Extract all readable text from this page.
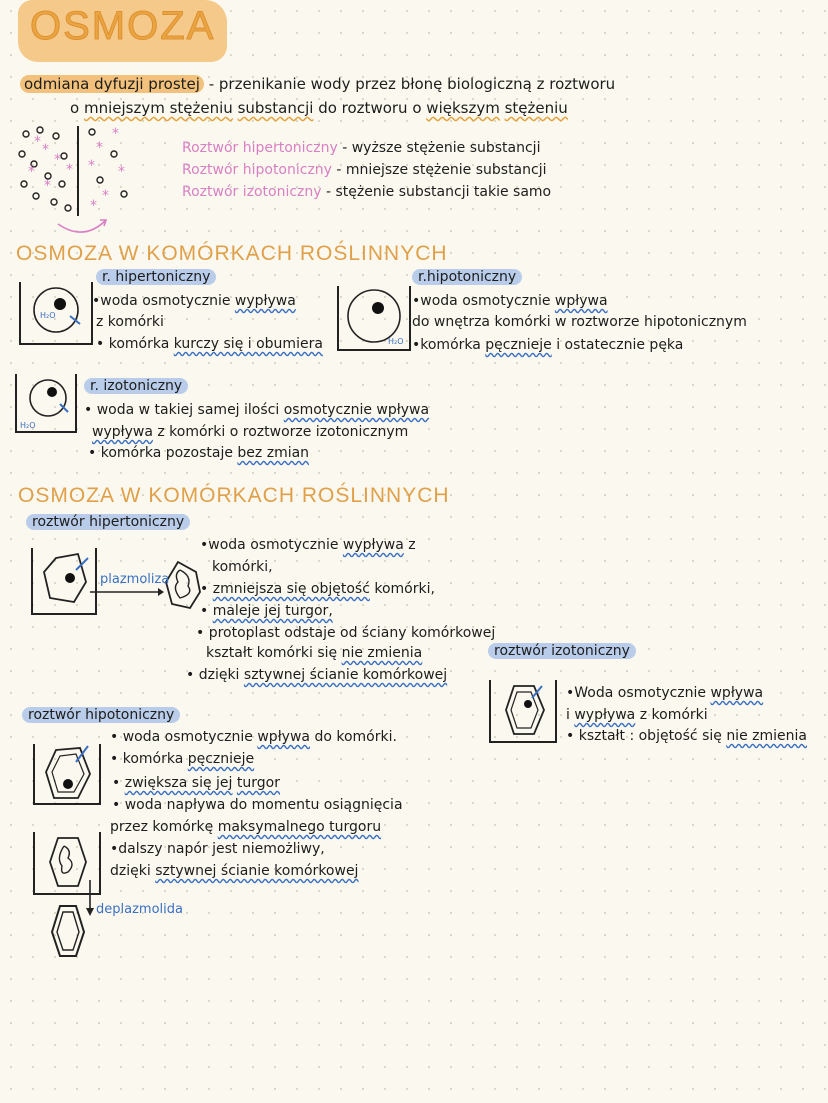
OSMOZA
odmiana dyfuzji prostej - przenikanie wody przez błonę biologiczną z roztworu
o mniejszym stężeniu substancji do roztworu o większym stężeniu
*
*
*
*
*
*	*
*
* *
*
*
Roztwór hipertoniczny - wyższe stężenie substancji
Roztwór hipotoniczny - mniejsze stężenie substancji
Roztwór izotoniczny - stężenie substancji takie samo
OSMOZA W KOMÓRKACH ROŚLINNYCH
H₂O
r. hipertoniczny
•woda osmotycznie wypływa
z komórki
• komórka kurczy się i obumiera	H₂O
r.hipotoniczny
•woda osmotycznie wpływa
do wnętrza komórki w roztworze hipotonicznym
•komórka pęcznieje i ostatecznie pęka
H₂O
r. izotoniczny
• woda w takiej samej ilości osmotycznie wpływa
wypływa z komórki o roztworze izotonicznym
• komórka pozostaje bez zmian
OSMOZA W KOMÓRKACH ROŚLINNYCH
roztwór hipertoniczny
plazmoliza
•woda osmotycznie wypływa z
komórki,
• zmniejsza się objętość komórki,
• maleje jej turgor,
• protoplast odstaje od ściany komórkowej
kształt komórki się nie zmienia
• dzięki sztywnej ścianie komórkowej
roztwór izotoniczny
•Woda osmotycznie wpływa
i wypływa z komórki
• kształt : objętość się nie zmienia
roztwór hipotoniczny
deplazmolida
• woda osmotycznie wpływa do komórki.
• komórka pęcznieje
• zwiększa się jej turgor
• woda napływa do momentu osiągnięcia
przez komórkę maksymalnego turgoru
•dalszy napór jest niemożliwy,
dzięki sztywnej ścianie komórkowej
